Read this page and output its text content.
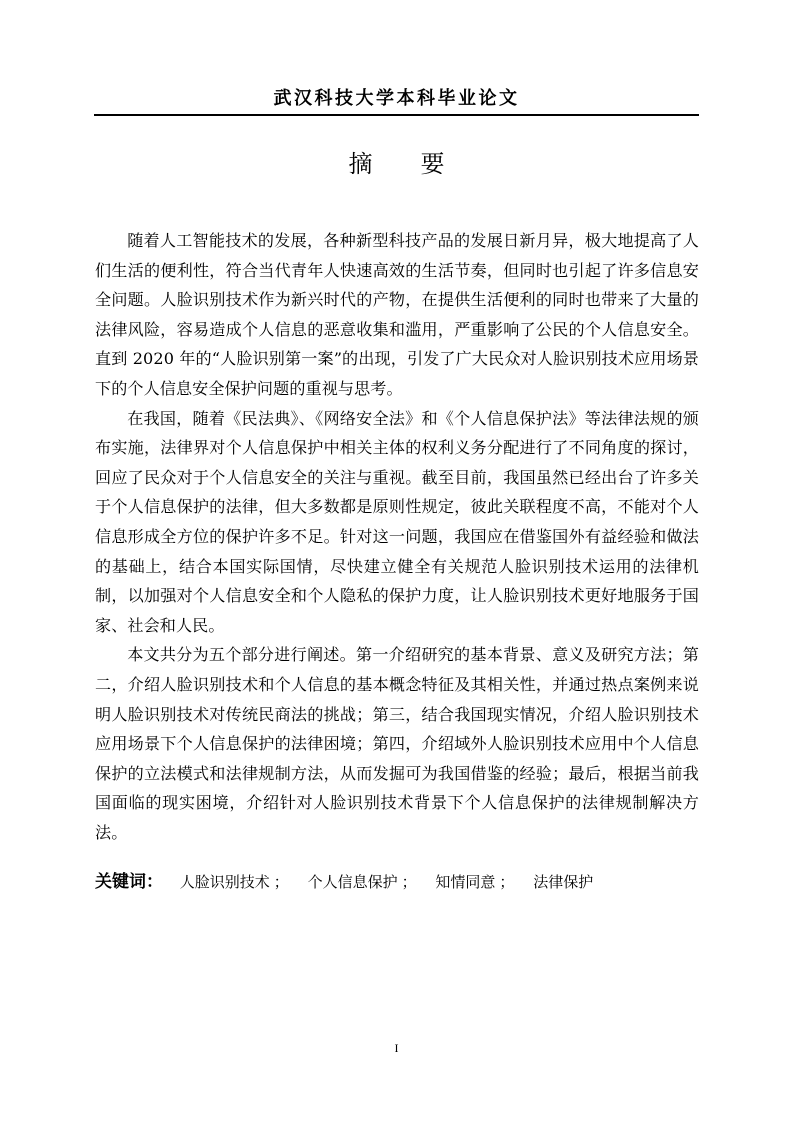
武汉科技大学本科毕业论文
摘　　要

随着人工智能技术的发展，各种新型科技产品的发展日新月异，极大地提高了人们生活的便利性，符合当代青年人快速高效的生活节奏，但同时也引起了许多信息安全问题。人脸识别技术作为新兴时代的产物，在提供生活便利的同时也带来了大量的法律风险，容易造成个人信息的恶意收集和滥用，严重影响了公民的个人信息安全。直到 2020 年的“人脸识别第一案”的出现，引发了广大民众对人脸识别技术应用场景下的个人信息安全保护问题的重视与思考。

在我国，随着《民法典》、《网络安全法》和《个人信息保护法》等法律法规的颁布实施，法律界对个人信息保护中相关主体的权利义务分配进行了不同角度的探讨，回应了民众对于个人信息安全的关注与重视。截至目前，我国虽然已经出台了许多关于个人信息保护的法律，但大多数都是原则性规定，彼此关联程度不高，不能对个人信息形成全方位的保护许多不足。针对这一问题，我国应在借鉴国外有益经验和做法的基础上，结合本国实际国情，尽快建立健全有关规范人脸识别技术运用的法律机制，以加强对个人信息安全和个人隐私的保护力度，让人脸识别技术更好地服务于国家、社会和人民。

本文共分为五个部分进行阐述。第一介绍研究的基本背景、意义及研究方法；第二，介绍人脸识别技术和个人信息的基本概念特征及其相关性，并通过热点案例来说明人脸识别技术对传统民商法的挑战；第三，结合我国现实情况，介绍人脸识别技术应用场景下个人信息保护的法律困境；第四，介绍域外人脸识别技术应用中个人信息保护的立法模式和法律规制方法，从而发掘可为我国借鉴的经验；最后，根据当前我国面临的现实困境，介绍针对人脸识别技术背景下个人信息保护的法律规制解决方法。

关键词： 人脸识别技术 ； 个人信息保护 ； 知情同意 ； 法律保护
I
